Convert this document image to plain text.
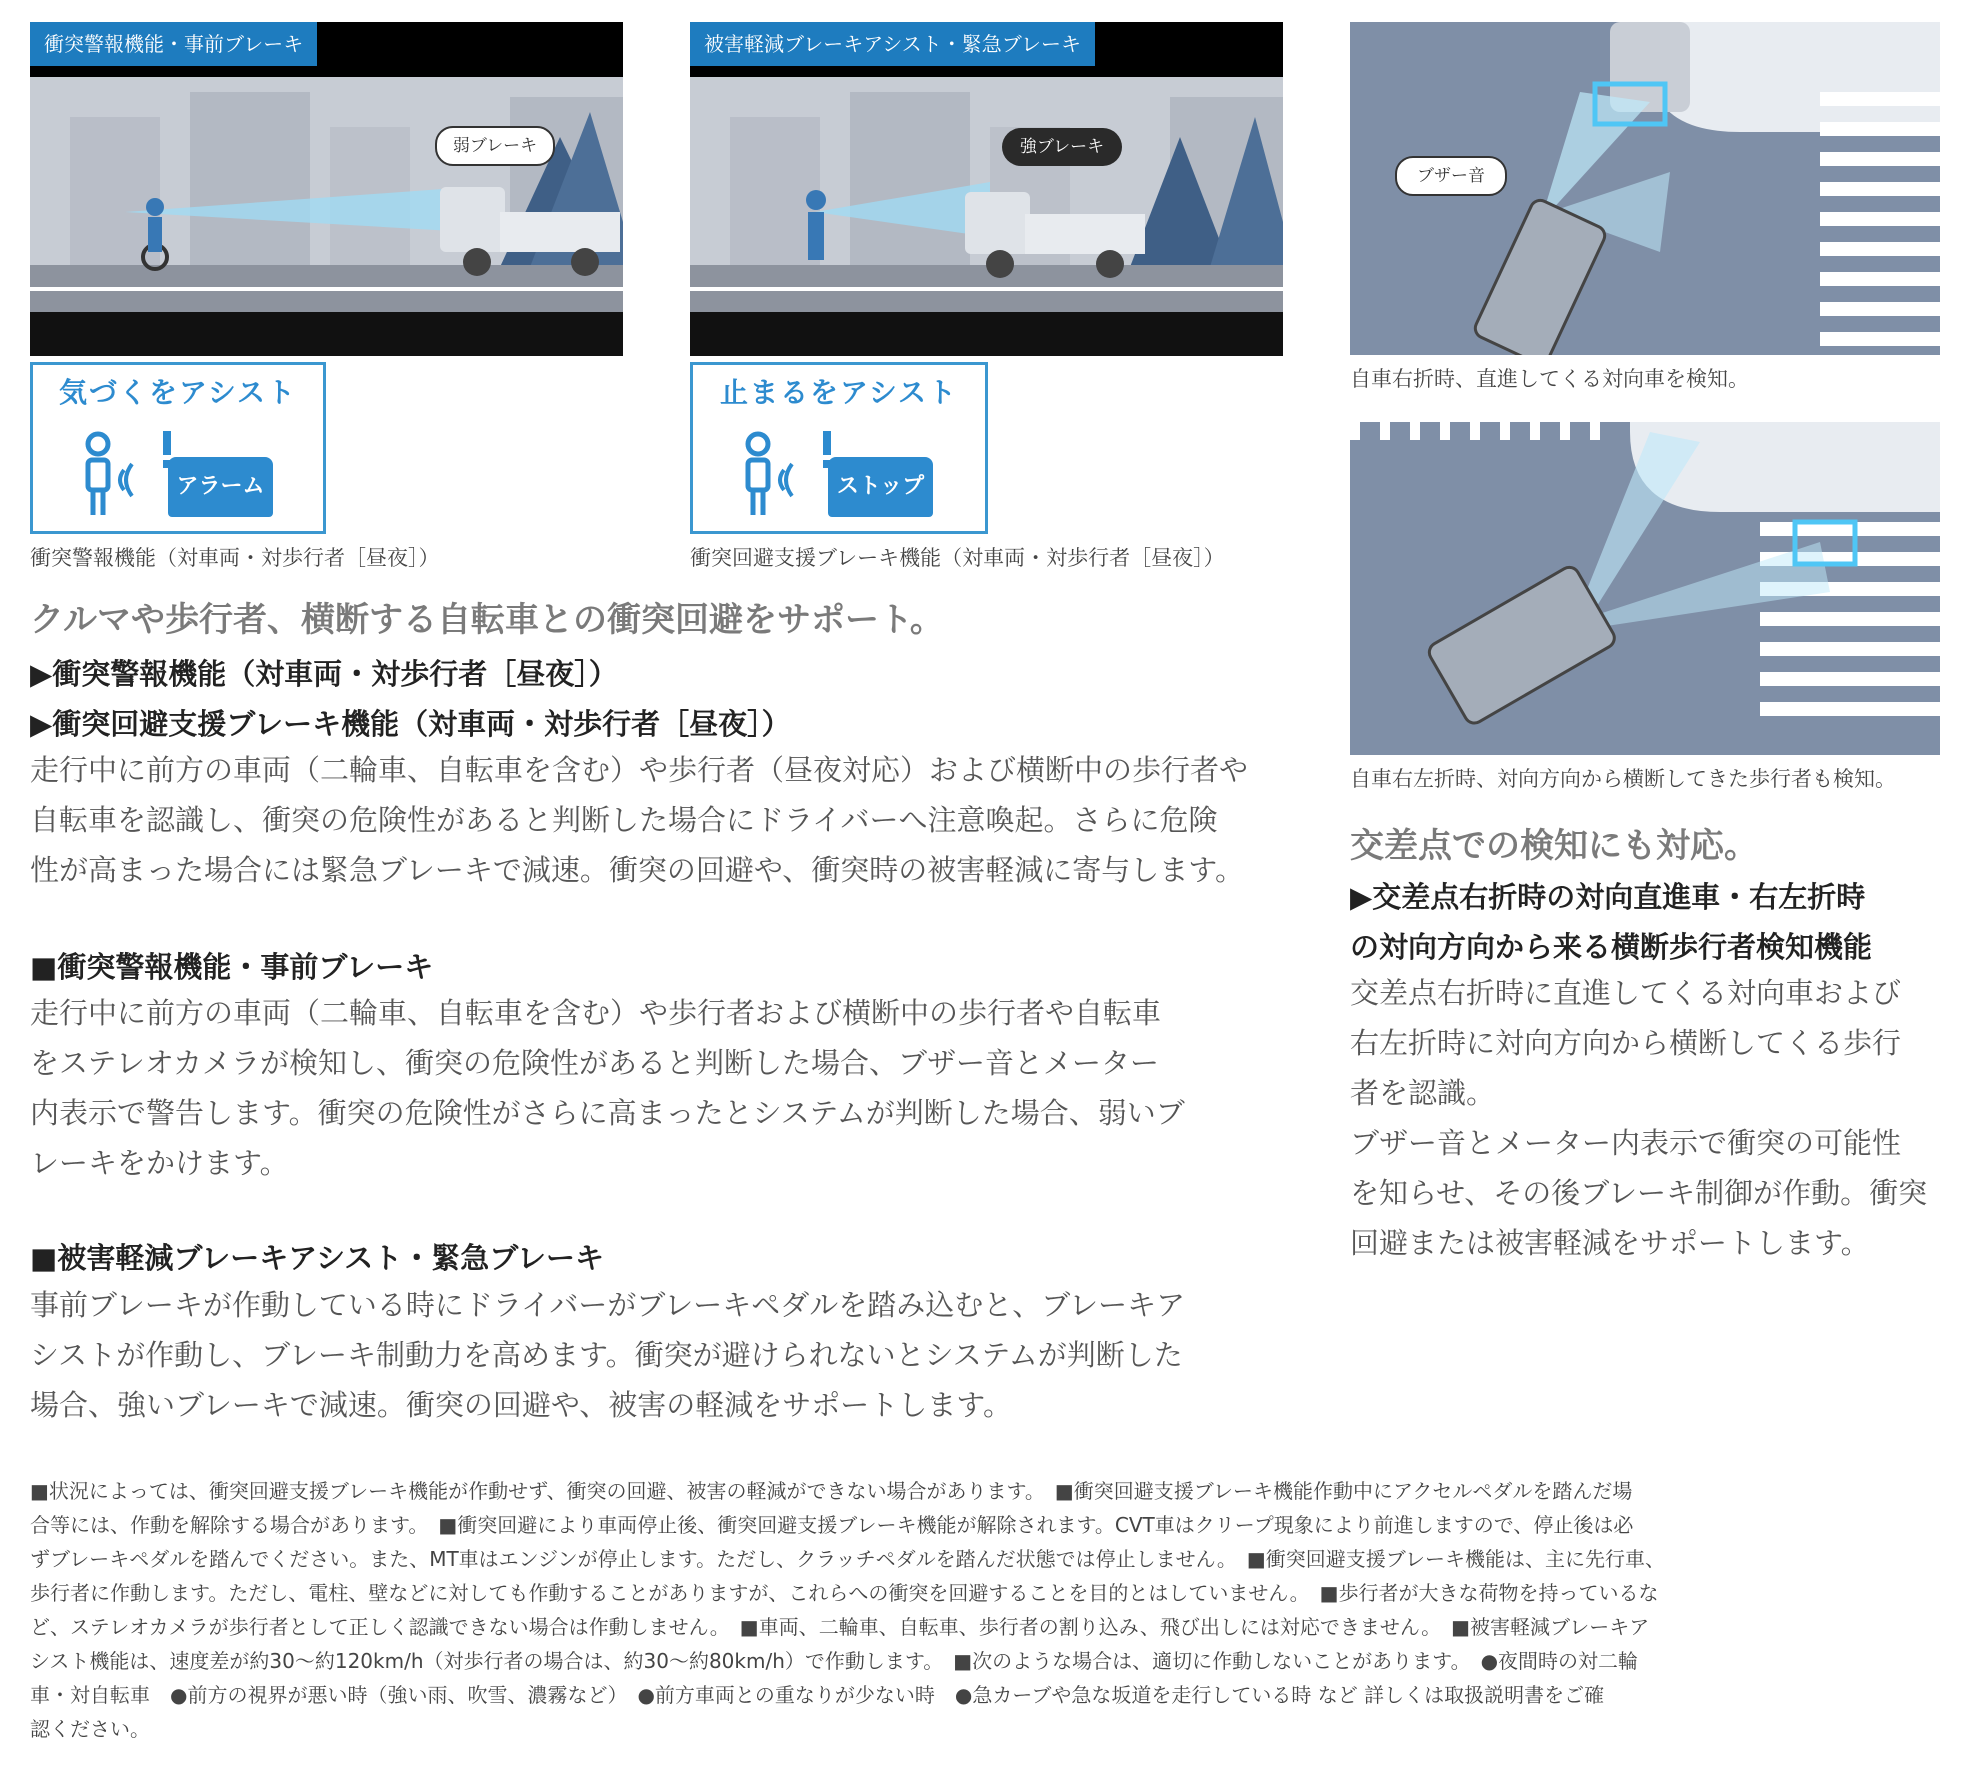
衝突警報機能・事前ブレーキ
弱ブレーキ
被害軽減ブレーキアシスト・緊急ブレーキ
強ブレーキ
気づくをアシスト
アラーム
衝突警報機能（対車両・対歩行者［昼夜］）
止まるをアシスト
ストップ
衝突回避支援ブレーキ機能（対車両・対歩行者［昼夜］）
ブザー音
自車右折時、直進してくる対向車を検知。
自車右左折時、対向方向から横断してきた歩行者も検知。
クルマや歩行者、横断する自転車との衝突回避をサポート。
▶衝突警報機能（対車両・対歩行者［昼夜］）
▶衝突回避支援ブレーキ機能（対車両・対歩行者［昼夜］）
走行中に前方の車両（二輪車、自転車を含む）や歩行者（昼夜対応）および横断中の歩行者や
自転車を認識し、衝突の危険性があると判断した場合にドライバーへ注意喚起。さらに危険
性が高まった場合には緊急ブレーキで減速。衝突の回避や、衝突時の被害軽減に寄与します。
■衝突警報機能・事前ブレーキ
走行中に前方の車両（二輪車、自転車を含む）や歩行者および横断中の歩行者や自転車
をステレオカメラが検知し、衝突の危険性があると判断した場合、ブザー音とメーター
内表示で警告します。衝突の危険性がさらに高まったとシステムが判断した場合、弱いブ
レーキをかけます。
■被害軽減ブレーキアシスト・緊急ブレーキ
事前ブレーキが作動している時にドライバーがブレーキペダルを踏み込むと、ブレーキア
シストが作動し、ブレーキ制動力を高めます。衝突が避けられないとシステムが判断した
場合、強いブレーキで減速。衝突の回避や、被害の軽減をサポートします。
交差点での検知にも対応。
▶交差点右折時の対向直進車・右左折時
の対向方向から来る横断歩行者検知機能
交差点右折時に直進してくる対向車および
右左折時に対向方向から横断してくる歩行
者を認識。
ブザー音とメーター内表示で衝突の可能性
を知らせ、その後ブレーキ制御が作動。衝突
回避または被害軽減をサポートします。
■状況によっては、衝突回避支援ブレーキ機能が作動せず、衝突の回避、被害の軽減ができない場合があります。　■衝突回避支援ブレーキ機能作動中にアクセルペダルを踏んだ場
合等には、作動を解除する場合があります。　■衝突回避により車両停止後、衝突回避支援ブレーキ機能が解除されます。CVT車はクリープ現象により前進しますので、停止後は必
ずブレーキペダルを踏んでください。また、MT車はエンジンが停止します。ただし、クラッチペダルを踏んだ状態では停止しません。　■衝突回避支援ブレーキ機能は、主に先行車、
歩行者に作動します。ただし、電柱、壁などに対しても作動することがありますが、これらへの衝突を回避することを目的とはしていません。　■歩行者が大きな荷物を持っているな
ど、ステレオカメラが歩行者として正しく認識できない場合は作動しません。　■車両、二輪車、自転車、歩行者の割り込み、飛び出しには対応できません。　■被害軽減ブレーキア
シスト機能は、速度差が約30〜約120km/h（対歩行者の場合は、約30〜約80km/h）で作動します。　■次のような場合は、適切に作動しないことがあります。　●夜間時の対二輪
車・対自転車　●前方の視界が悪い時（強い雨、吹雪、濃霧など）　●前方車両との重なりが少ない時　●急カーブや急な坂道を走行している時 など 詳しくは取扱説明書をご確
認ください。
